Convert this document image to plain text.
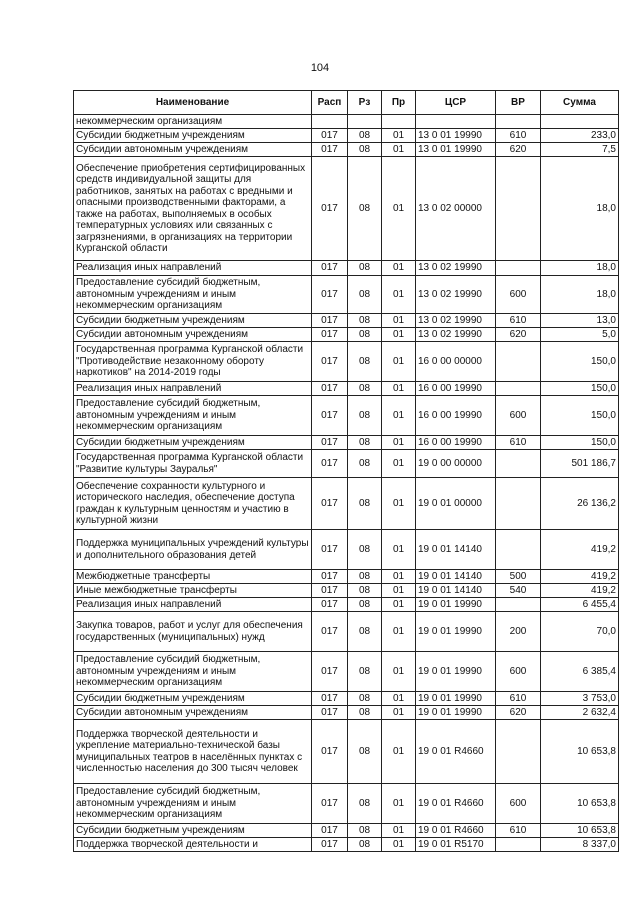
104
Наименование	Расп	Рз	Пр	ЦСР	ВР	Сумма
некоммерческим организациям						
Субсидии бюджетным учреждениям	017	08	01	13 0 01 19990	610	233,0
Субсидии автономным учреждениям	017	08	01	13 0 01 19990	620	7,5
Обеспечение приобретения сертифицированных средств индивидуальной защиты для работников, занятых на работах с вредными и опасными производственными факторами, а также на работах, выполняемых в особых температурных условиях или связанных с загрязнениями, в организациях на территории Курганской области	017	08	01	13 0 02 00000		18,0
Реализация иных направлений	017	08	01	13 0 02 19990		18,0
Предоставление субсидий бюджетным, автономным учреждениям и иным некоммерческим организациям	017	08	01	13 0 02 19990	600	18,0
Субсидии бюджетным учреждениям	017	08	01	13 0 02 19990	610	13,0
Субсидии автономным учреждениям	017	08	01	13 0 02 19990	620	5,0
Государственная программа Курганской области "Противодействие незаконному обороту наркотиков" на 2014-2019 годы	017	08	01	16 0 00 00000		150,0
Реализация иных направлений	017	08	01	16 0 00 19990		150,0
Предоставление субсидий бюджетным, автономным учреждениям и иным некоммерческим организациям	017	08	01	16 0 00 19990	600	150,0
Субсидии бюджетным учреждениям	017	08	01	16 0 00 19990	610	150,0
Государственная программа Курганской области "Развитие культуры Зауралья"	017	08	01	19 0 00 00000		501 186,7
Обеспечение сохранности культурного и исторического наследия, обеспечение доступа граждан к культурным ценностям и участию в культурной жизни	017	08	01	19 0 01 00000		26 136,2
Поддержка муниципальных учреждений культуры и дополнительного образования детей	017	08	01	19 0 01 14140		419,2
Межбюджетные трансферты	017	08	01	19 0 01 14140	500	419,2
Иные межбюджетные трансферты	017	08	01	19 0 01 14140	540	419,2
Реализация иных направлений	017	08	01	19 0 01 19990		6 455,4
Закупка товаров, работ и услуг для обеспечения государственных (муниципальных) нужд	017	08	01	19 0 01 19990	200	70,0
Предоставление субсидий бюджетным, автономным учреждениям и иным некоммерческим организациям	017	08	01	19 0 01 19990	600	6 385,4
Субсидии бюджетным учреждениям	017	08	01	19 0 01 19990	610	3 753,0
Субсидии автономным учреждениям	017	08	01	19 0 01 19990	620	2 632,4
Поддержка творческой деятельности и укрепление материально-технической базы муниципальных театров в населённых пунктах с численностью населения до 300 тысяч человек	017	08	01	19 0 01 R4660		10 653,8
Предоставление субсидий бюджетным, автономным учреждениям и иным некоммерческим организациям	017	08	01	19 0 01 R4660	600	10 653,8
Субсидии бюджетным учреждениям	017	08	01	19 0 01 R4660	610	10 653,8
Поддержка творческой деятельности и	017	08	01	19 0 01 R5170		8 337,0
